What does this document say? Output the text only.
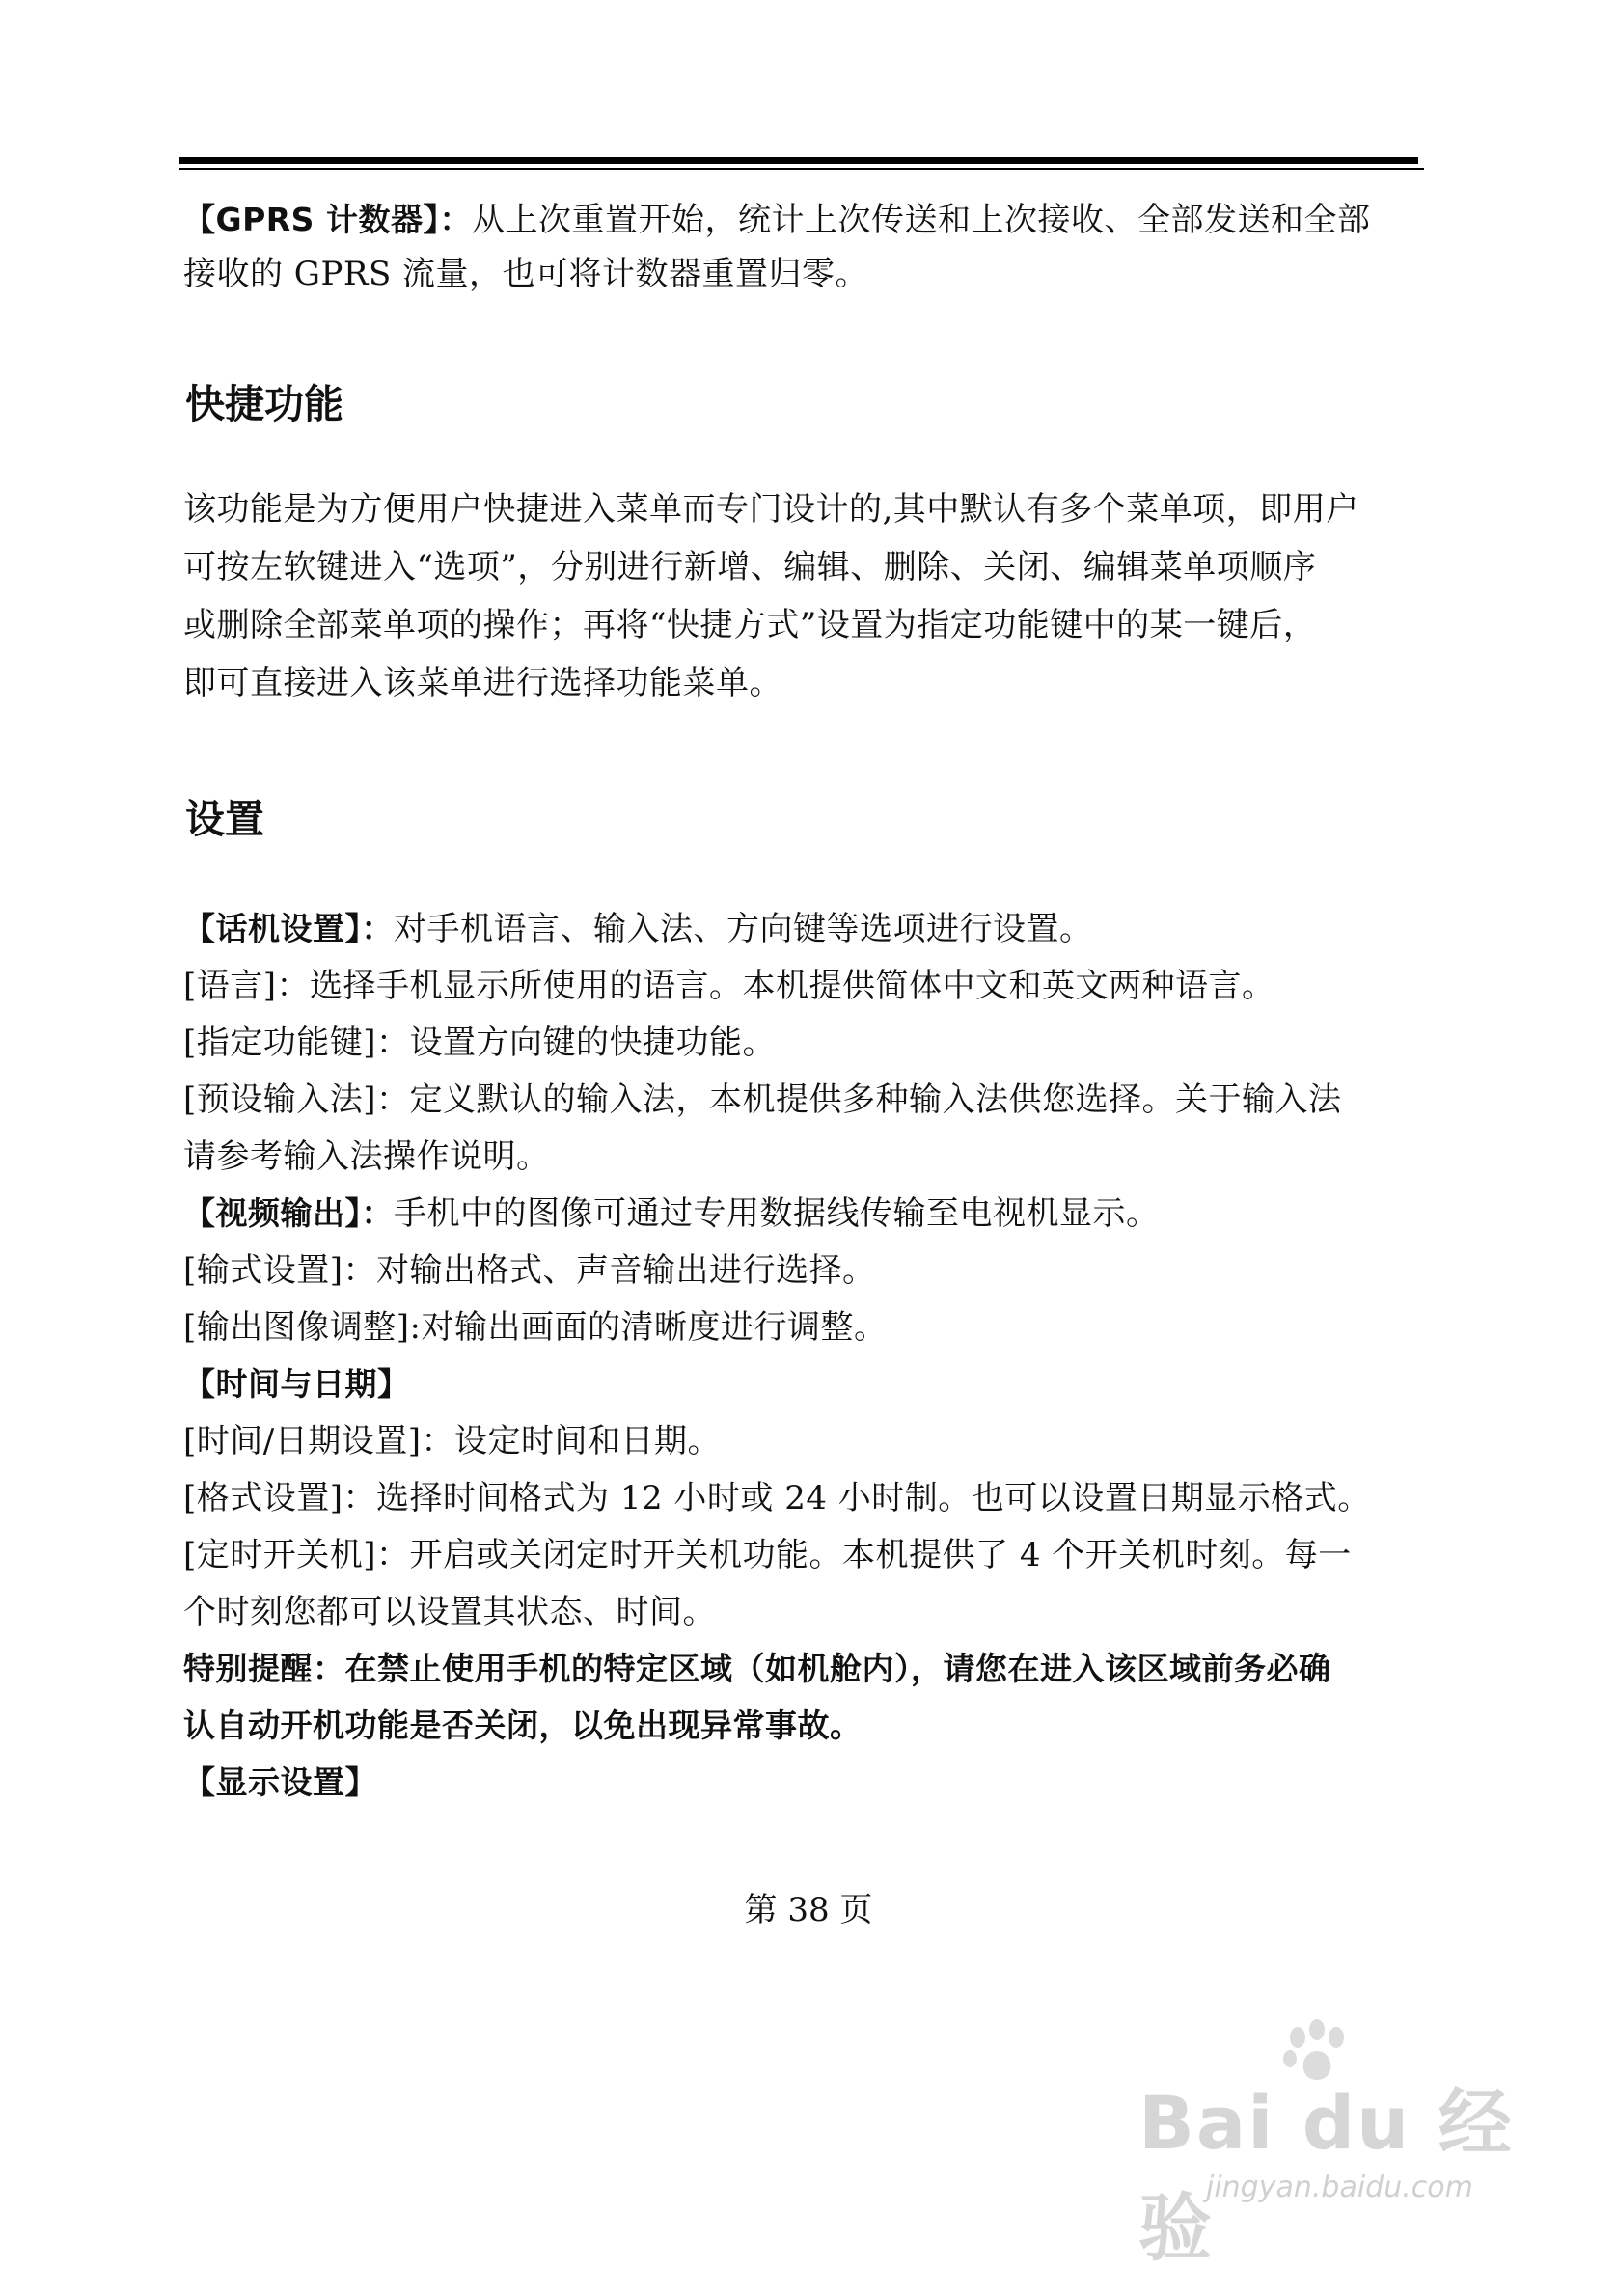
【GPRS 计数器】：从上次重置开始，统计上次传送和上次接收、全部发送和全部

接收的 GPRS 流量，也可将计数器重置归零。

快捷功能

该功能是为方便用户快捷进入菜单而专门设计的,其中默认有多个菜单项，即用户

可按左软键进入“选项”，分别进行新增、编辑、删除、关闭、编辑菜单项顺序

或删除全部菜单项的操作；再将“快捷方式”设置为指定功能键中的某一键后，

即可直接进入该菜单进行选择功能菜单。

设置

【话机设置】：对手机语言、输入法、方向键等选项进行设置。

[语言]：选择手机显示所使用的语言。本机提供简体中文和英文两种语言。

[指定功能键]：设置方向键的快捷功能。

[预设输入法]：定义默认的输入法，本机提供多种输入法供您选择。关于输入法

请参考输入法操作说明。

【视频输出】：手机中的图像可通过专用数据线传输至电视机显示。

[输式设置]：对输出格式、声音输出进行选择。

[输出图像调整]:对输出画面的清晰度进行调整。

【时间与日期】

[时间/日期设置]：设定时间和日期。

[格式设置]：选择时间格式为 12 小时或 24 小时制。也可以设置日期显示格式。

[定时开关机]：开启或关闭定时开关机功能。本机提供了 4 个开关机时刻。每一

个时刻您都可以设置其状态、时间。

特别提醒：在禁止使用手机的特定区域（如机舱内），请您在进入该区域前务必确

认自动开机功能是否关闭，以免出现异常事故。

【显示设置】

第 38 页
Bai du 经验
jingyan.baidu.com
